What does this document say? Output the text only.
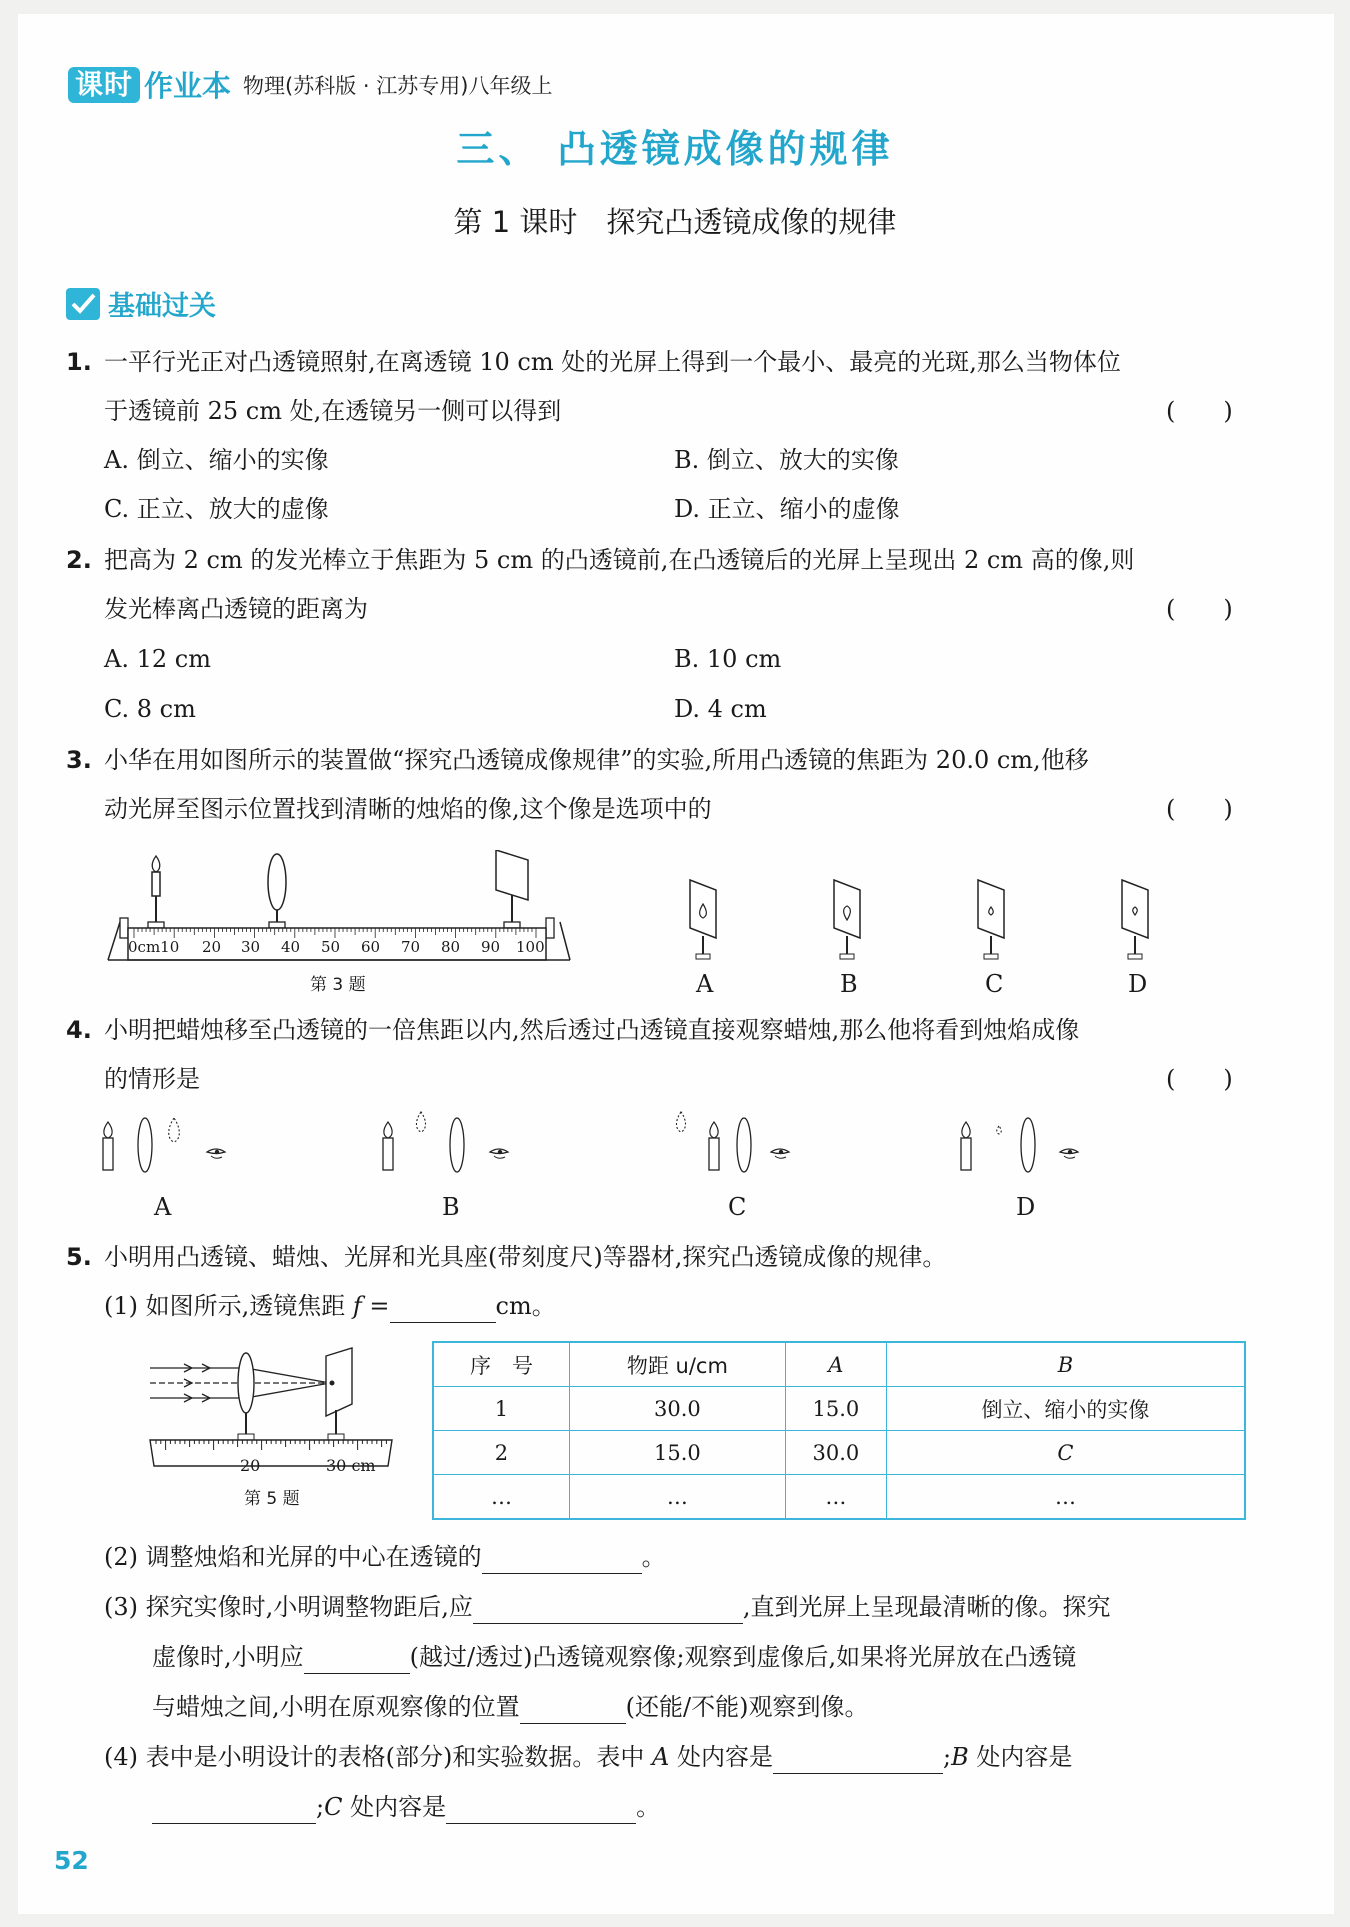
课时 作业本 物理(苏科版 · 江苏专用)八年级上
三、 凸透镜成像的规律
第 1 课时　探究凸透镜成像的规律
基础过关
1. 一平行光正对凸透镜照射,在离透镜 10 cm 处的光屏上得到一个最小、最亮的光斑,那么当物体位
于透镜前 25 cm 处,在透镜另一侧可以得到	(　　)
A. 倒立、缩小的实像	B. 倒立、放大的实像
C. 正立、放大的虚像	D. 正立、缩小的虚像
2. 把高为 2 cm 的发光棒立于焦距为 5 cm 的凸透镜前,在凸透镜后的光屏上呈现出 2 cm 高的像,则
发光棒离凸透镜的距离为	(　　)
A. 12 cm	B. 10 cm
C. 8 cm	D. 4 cm
3. 小华在用如图所示的装置做“探究凸透镜成像规律”的实验,所用凸透镜的焦距为 20.0 cm,他移
动光屏至图示位置找到清晰的烛焰的像,这个像是选项中的	(　　)
0cm10 20 30 40 50 60 70 80 90 100
第 3 题	A	B	C	D
4. 小明把蜡烛移至凸透镜的一倍焦距以内,然后透过凸透镜直接观察蜡烛,那么他将看到烛焰成像
的情形是	(　　)
A	B	C	D
5. 小明用凸透镜、蜡烛、光屏和光具座(带刻度尺)等器材,探究凸透镜成像的规律。
(1) 如图所示,透镜焦距 f =	cm。
20	30 cm
第 5 题
序　号	物距 u/cm	A	B
1	30.0	15.0	倒立、缩小的实像
2	15.0	30.0	C
…	…	…	…
(2) 调整烛焰和光屏的中心在透镜的	。
(3) 探究实像时,小明调整物距后,应	,直到光屏上呈现最清晰的像。探究
虚像时,小明应	(越过/透过)凸透镜观察像;观察到虚像后,如果将光屏放在凸透镜
与蜡烛之间,小明在原观察像的位置	(还能/不能)观察到像。
(4) 表中是小明设计的表格(部分)和实验数据。表中 A 处内容是	;B 处内容是
;C 处内容是	。
52
